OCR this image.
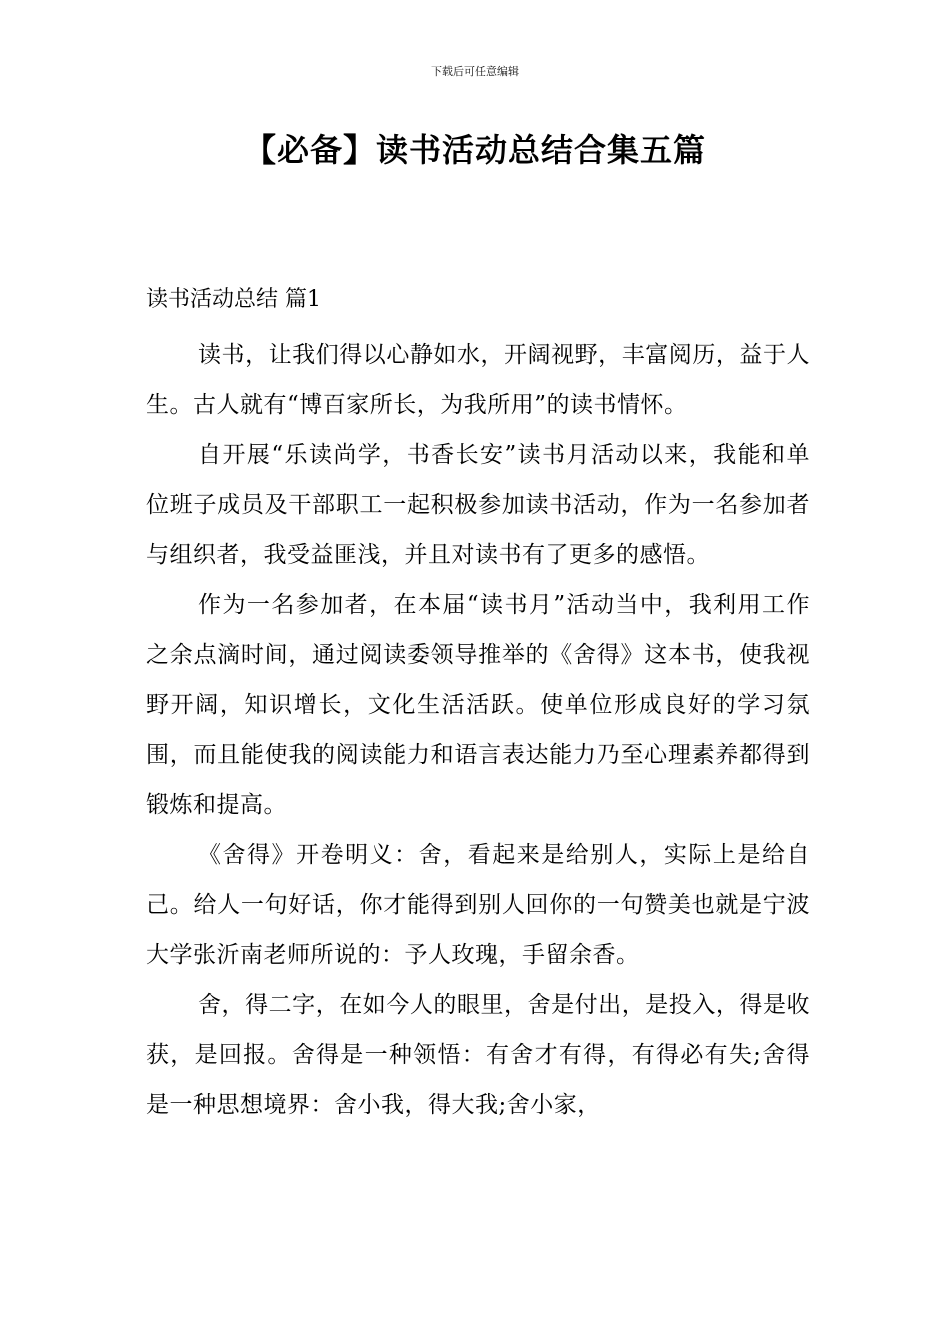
下载后可任意编辑
【必备】读书活动总结合集五篇
读书活动总结 篇1

读书，让我们得以心静如水，开阔视野，丰富阅历，益于人生。古人就有“博百家所长，为我所用”的读书情怀。

自开展“乐读尚学，书香长安”读书月活动以来，我能和单位班子成员及干部职工一起积极参加读书活动，作为一名参加者与组织者，我受益匪浅，并且对读书有了更多的感悟。

作为一名参加者，在本届“读书月”活动当中，我利用工作之余点滴时间，通过阅读委领导推举的《舍得》这本书，使我视野开阔，知识增长，文化生活活跃。使单位形成良好的学习氛围，而且能使我的阅读能力和语言表达能力乃至心理素养都得到锻炼和提高。

《舍得》开卷明义：舍，看起来是给别人，实际上是给自己。给人一句好话，你才能得到别人回你的一句赞美也就是宁波大学张沂南老师所说的：予人玫瑰，手留余香。

舍，得二字，在如今人的眼里，舍是付出，是投入，得是收获，是回报。舍得是一种领悟：有舍才有得，有得必有失;舍得是一种思想境界：舍小我，得大我;舍小家，
